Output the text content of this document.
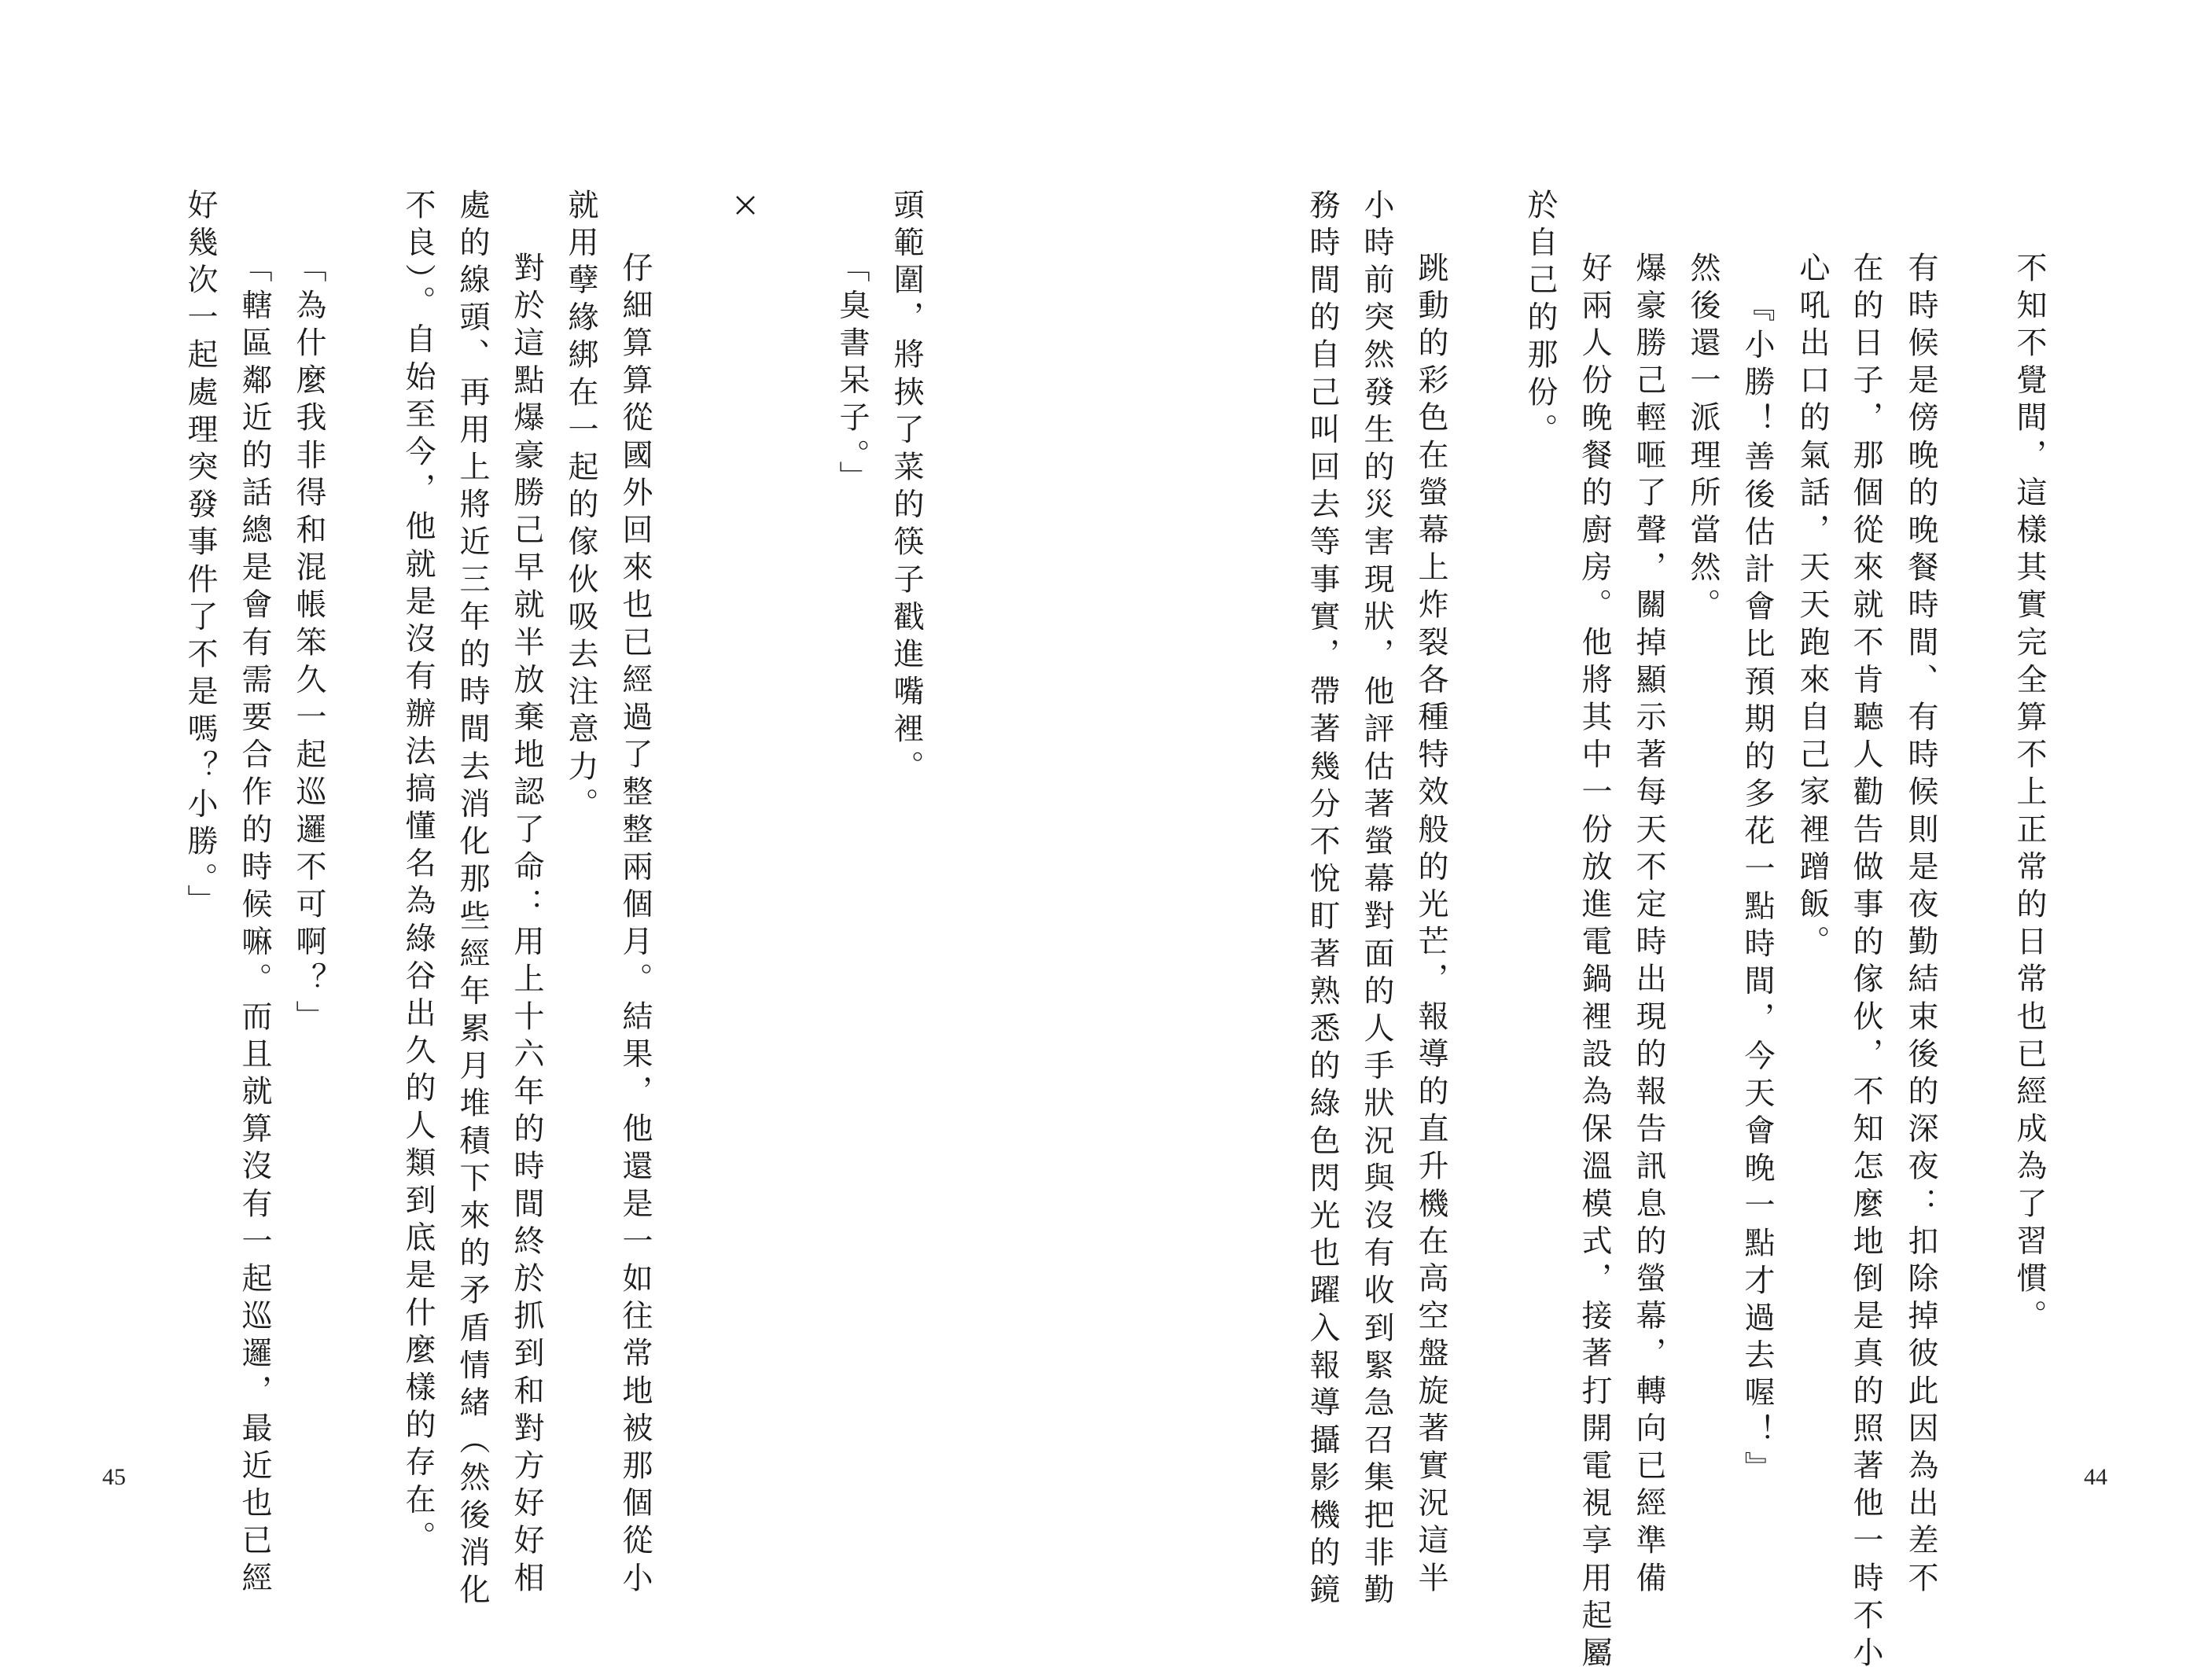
不知不覺間，這樣其實完全算不上正常的日常也已經成為了習慣。
有時候是傍晚的晚餐時間、有時候則是夜勤結束後的深夜：扣除掉彼此因為出差不
在的日子，那個從來就不肯聽人勸告做事的傢伙，不知怎麼地倒是真的照著他一時不小
心吼出口的氣話，天天跑來自己家裡蹭飯。
『小勝！善後估計會比預期的多花一點時間，今天會晚一點才過去喔！』
然後還一派理所當然。
爆豪勝己輕咂了聲，關掉顯示著每天不定時出現的報告訊息的螢幕，轉向已經準備
好兩人份晚餐的廚房。他將其中一份放進電鍋裡設為保溫模式，接著打開電視享用起屬
於自己的那份。
跳動的彩色在螢幕上炸裂各種特效般的光芒，報導的直升機在高空盤旋著實況這半
小時前突然發生的災害現狀，他評估著螢幕對面的人手狀況與沒有收到緊急召集把非勤
務時間的自己叫回去等事實，帶著幾分不悅盯著熟悉的綠色閃光也躍入報導攝影機的鏡	44
頭範圍，將挾了菜的筷子戳進嘴裡。
「臭書呆子。」
仔細算算從國外回來也已經過了整整兩個月。結果，他還是一如往常地被那個從小
就用孽緣綁在一起的傢伙吸去注意力。
對於這點爆豪勝己早就半放棄地認了命：用上十六年的時間終於抓到和對方好好相
處的線頭、再用上將近三年的時間去消化那些經年累月堆積下來的矛盾情緒（然後消化
不良）。自始至今，他就是沒有辦法搞懂名為綠谷出久的人類到底是什麼樣的存在。
「為什麼我非得和混帳笨久一起巡邏不可啊？」
「轄區鄰近的話總是會有需要合作的時候嘛。而且就算沒有一起巡邏，最近也已經
好幾次一起處理突發事件了不是嗎？小勝。」
45
